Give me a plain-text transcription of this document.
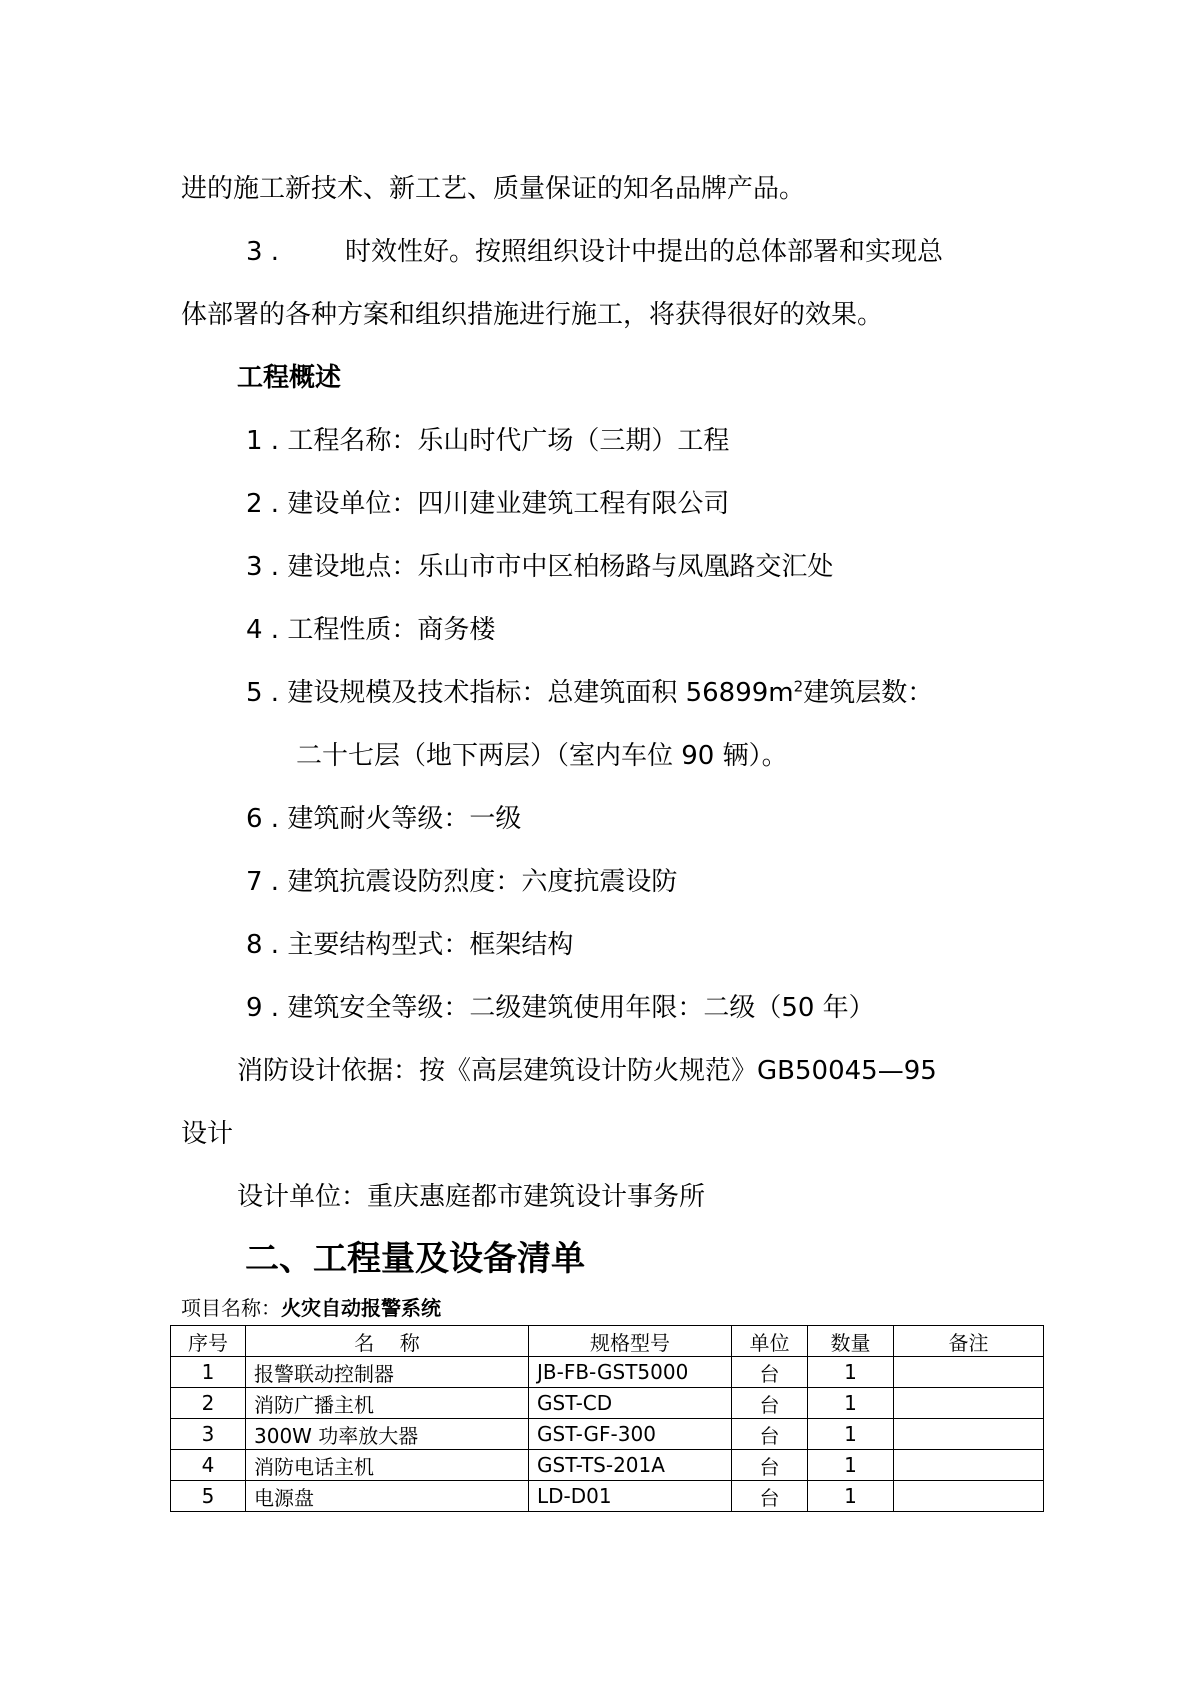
进的施工新技术、新工艺、质量保证的知名品牌产品。
3 .	时效性好。按照组织设计中提出的总体部署和实现总
体部署的各种方案和组织措施进行施工，将获得很好的效果。
工程概述
1 . 工程名称：乐山时代广场（三期）工程
2 . 建设单位：四川建业建筑工程有限公司
3 . 建设地点：乐山市市中区柏杨路与凤凰路交汇处
4 . 工程性质：商务楼
5 . 建设规模及技术指标：总建筑面积 $56899m^2$建筑层数：
二十七层（地下两层）（室内车位 90 辆）。
6 . 建筑耐火等级：一级
7 . 建筑抗震设防烈度：六度抗震设防
8 . 主要结构型式：框架结构
9 . 建筑安全等级：二级建筑使用年限：二级（50 年）
消防设计依据：按《高层建筑设计防火规范》GB50045—95
设计
设计单位：重庆惠庭都市建筑设计事务所
二、工程量及设备清单
项目名称：火灾自动报警系统
序号	名    称	规格型号	单位	数量	备注
1	报警联动控制器	JB-FB-GST5000	台	1	
2	消防广播主机	GST-CD	台	1	
3	300W 功率放大器	GST-GF-300	台	1	
4	消防电话主机	GST-TS-201A	台	1	
5	电源盘	LD-D01	台	1	
